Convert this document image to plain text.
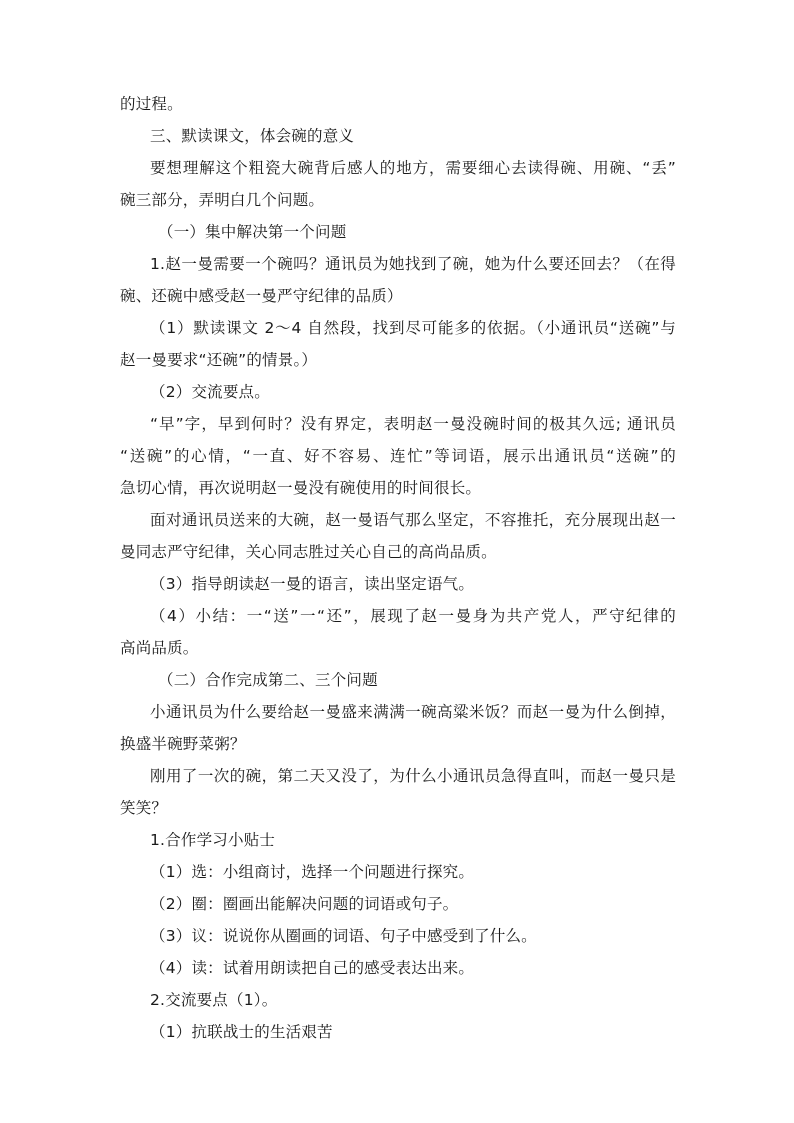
的过程。
三、默读课文，体会碗的意义
要想理解这个粗瓷大碗背后感人的地方，需要细心去读得碗、用碗、“丢”
碗三部分，弄明白几个问题。
（一）集中解决第一个问题
1.赵一曼需要一个碗吗？通讯员为她找到了碗，她为什么要还回去？（在得
碗、还碗中感受赵一曼严守纪律的品质）
（1）默读课文 2～4 自然段，找到尽可能多的依据。（小通讯员“送碗”与
赵一曼要求“还碗”的情景。）
（2）交流要点。
“早”字，早到何时？没有界定，表明赵一曼没碗时间的极其久远; 通讯员
“送碗”的心情，“一直、好不容易、连忙”等词语，展示出通讯员“送碗”的
急切心情，再次说明赵一曼没有碗使用的时间很长。
面对通讯员送来的大碗，赵一曼语气那么坚定，不容推托，充分展现出赵一
曼同志严守纪律，关心同志胜过关心自己的高尚品质。
（3）指导朗读赵一曼的语言，读出坚定语气。
（4）小结：一“送”一“还”，展现了赵一曼身为共产党人，严守纪律的
高尚品质。
（二）合作完成第二、三个问题
小通讯员为什么要给赵一曼盛来满满一碗高粱米饭？而赵一曼为什么倒掉，
换盛半碗野菜粥？
刚用了一次的碗，第二天又没了，为什么小通讯员急得直叫，而赵一曼只是
笑笑？
1.合作学习小贴士
（1）选：小组商讨，选择一个问题进行探究。
（2）圈：圈画出能解决问题的词语或句子。
（3）议：说说你从圈画的词语、句子中感受到了什么。
（4）读：试着用朗读把自己的感受表达出来。
2.交流要点（1）。
（1）抗联战士的生活艰苦
